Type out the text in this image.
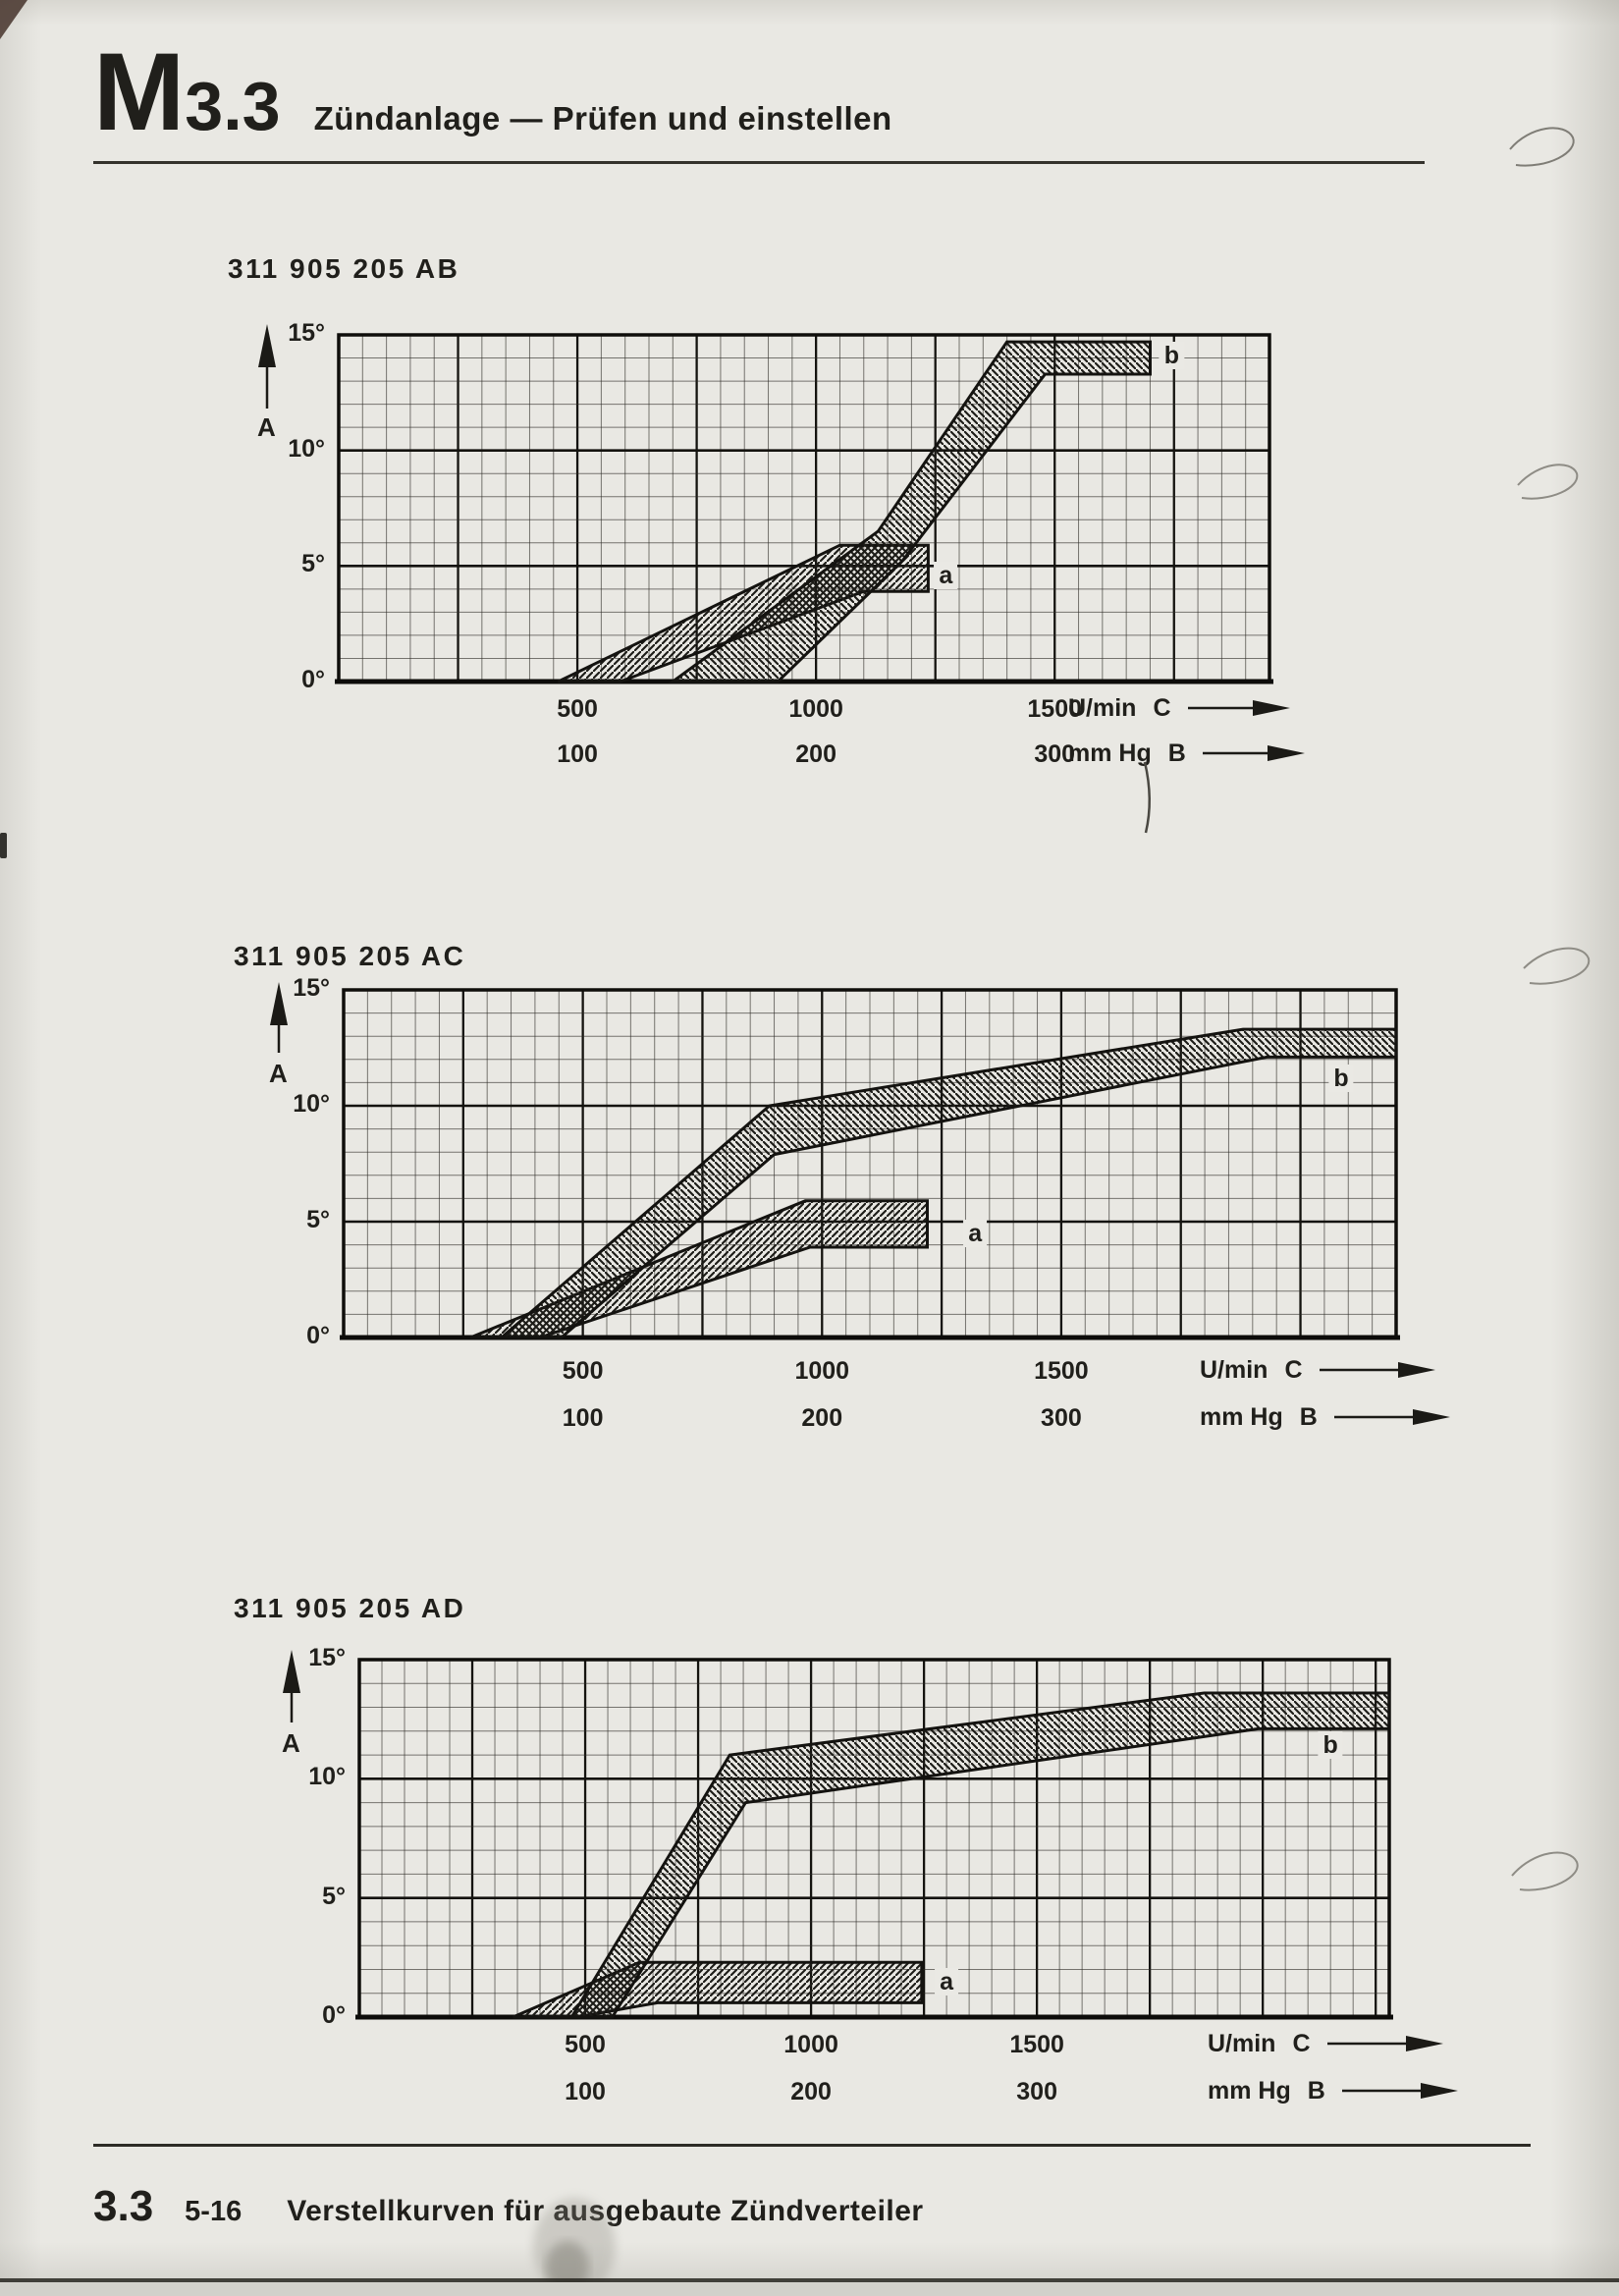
M 3.3 Zündanlage — Prüfen und einstellen
311 905 205 AB
a
b
15°
10°
5°
0°
A
500
100
1000
200
1500
300
U/min C
mm Hg B
311 905 205 AC
a
b
15°
10°
5°
0°
A
500
100
1000
200
1500
300
U/min C
mm Hg B
311 905 205 AD
a
b
15°
10°
5°
0°
A
500
100
1000
200
1500
300
U/min C
mm Hg B
3.3 5-16 Verstellkurven für ausgebaute Zündverteiler
